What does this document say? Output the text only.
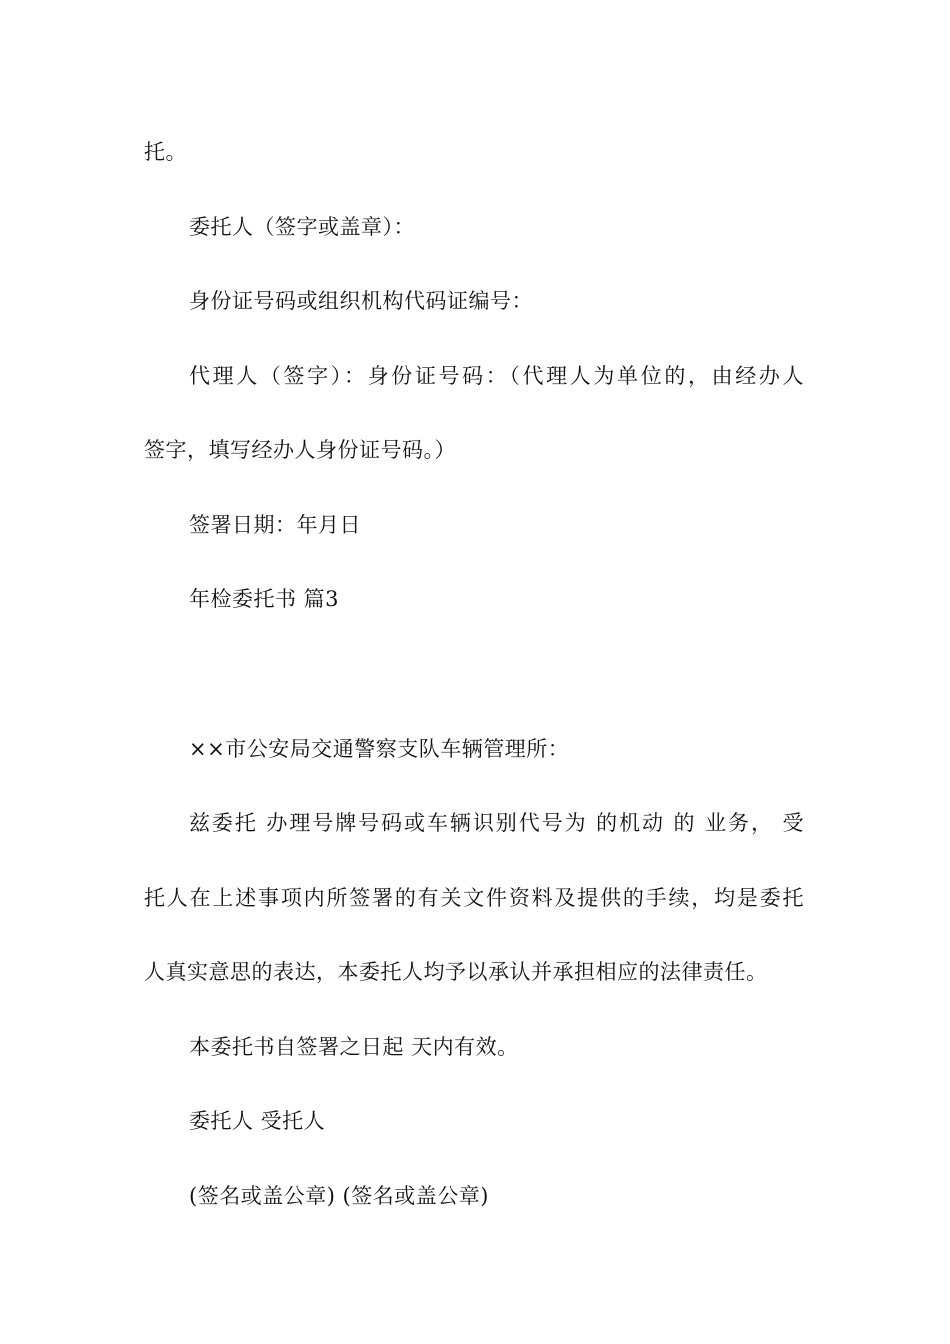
托。
委托人（签字或盖章）：
身份证号码或组织机构代码证编号：
代理人（签字）：身份证号码：（代理人为单位的，由经办人
签字，填写经办人身份证号码。）
签署日期：年月日
年检委托书 篇3
××市公安局交通警察支队车辆管理所：
兹委托 办理号牌号码或车辆识别代号为 的机动 的 业务， 受
托人在上述事项内所签署的有关文件资料及提供的手续，均是委托
人真实意思的表达，本委托人均予以承认并承担相应的法律责任。
本委托书自签署之日起 天内有效。
委托人 受托人
(签名或盖公章) (签名或盖公章)
